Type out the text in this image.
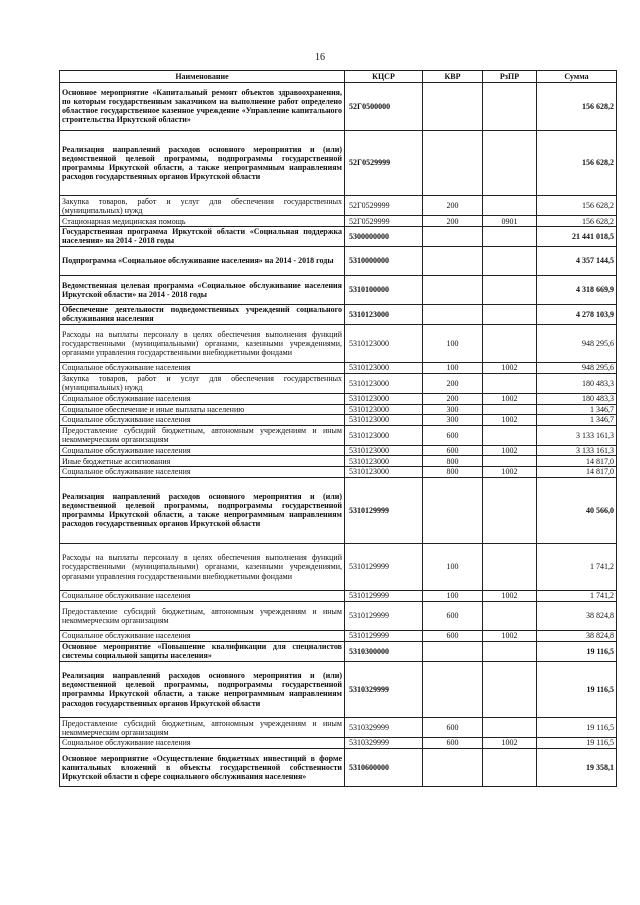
16
Наименование	КЦСР	КВР	РзПР	Сумма
Основное мероприятие «Капитальный ремонт объектов здравоохранения, по которым государственным заказчиком на выполнение работ определено областное государственное казенное учреждение «Управление капитального строительства Иркутской области»	52Г0500000			156 628,2
Реализация направлений расходов основного мероприятия и (или) ведомственной целевой программы, подпрограммы государственной программы Иркутской области, а также непрограммным направлениям расходов государственных органов Иркутской области	52Г0529999			156 628,2
Закупка товаров, работ и услуг для обеспечения государственных (муниципальных) нужд	52Г0529999	200		156 628,2
Стационарная медицинская помощь	52Г0529999	200	0901	156 628,2
Государственная программа Иркутской области «Социальная поддержка населения» на 2014 - 2018 годы	5300000000			21 441 018,5
Подпрограмма «Социальное обслуживание населения» на 2014 - 2018 годы	5310000000			4 357 144,5
Ведомственная целевая программа «Социальное обслуживание населения Иркутской области» на 2014 - 2018 годы	5310100000			4 318 669,9
Обеспечение деятельности подведомственных учреждений социального обслуживания населения	5310123000			4 278 103,9
Расходы на выплаты персоналу в целях обеспечения выполнения функций государственными (муниципальными) органами, казенными учреждениями, органами управления государственными внебюджетными фондами	5310123000	100		948 295,6
Социальное обслуживание населения	5310123000	100	1002	948 295,6
Закупка товаров, работ и услуг для обеспечения государственных (муниципальных) нужд	5310123000	200		180 483,3
Социальное обслуживание населения	5310123000	200	1002	180 483,3
Социальное обеспечение и иные выплаты населению	5310123000	300		1 346,7
Социальное обслуживание населения	5310123000	300	1002	1 346,7
Предоставление субсидий бюджетным, автономным учреждениям и иным некоммерческим организациям	5310123000	600		3 133 161,3
Социальное обслуживание населения	5310123000	600	1002	3 133 161,3
Иные бюджетные ассигнования	5310123000	800		14 817,0
Социальное обслуживание населения	5310123000	800	1002	14 817,0
Реализация направлений расходов основного мероприятия и (или) ведомственной целевой программы, подпрограммы государственной программы Иркутской области, а также непрограммным направлениям расходов государственных органов Иркутской области	5310129999			40 566,0
Расходы на выплаты персоналу в целях обеспечения выполнения функций государственными (муниципальными) органами, казенными учреждениями, органами управления государственными внебюджетными фондами	5310129999	100		1 741,2
Социальное обслуживание населения	5310129999	100	1002	1 741,2
Предоставление субсидий бюджетным, автономным учреждениям и иным некоммерческим организациям	5310129999	600		38 824,8
Социальное обслуживание населения	5310129999	600	1002	38 824,8
Основное мероприятие «Повышение квалификации для специалистов системы социальной защиты населения»	5310300000			19 116,5
Реализация направлений расходов основного мероприятия и (или) ведомственной целевой программы, подпрограммы государственной программы Иркутской области, а также непрограммным направлениям расходов государственных органов Иркутской области	5310329999			19 116,5
Предоставление субсидий бюджетным, автономным учреждениям и иным некоммерческим организациям	5310329999	600		19 116,5
Социальное обслуживание населения	5310329999	600	1002	19 116,5
Основное мероприятие «Осуществление бюджетных инвестиций в форме капитальных вложений в объекты государственной собственности Иркутской области в сфере социального обслуживания населения»	5310600000			19 358,1
